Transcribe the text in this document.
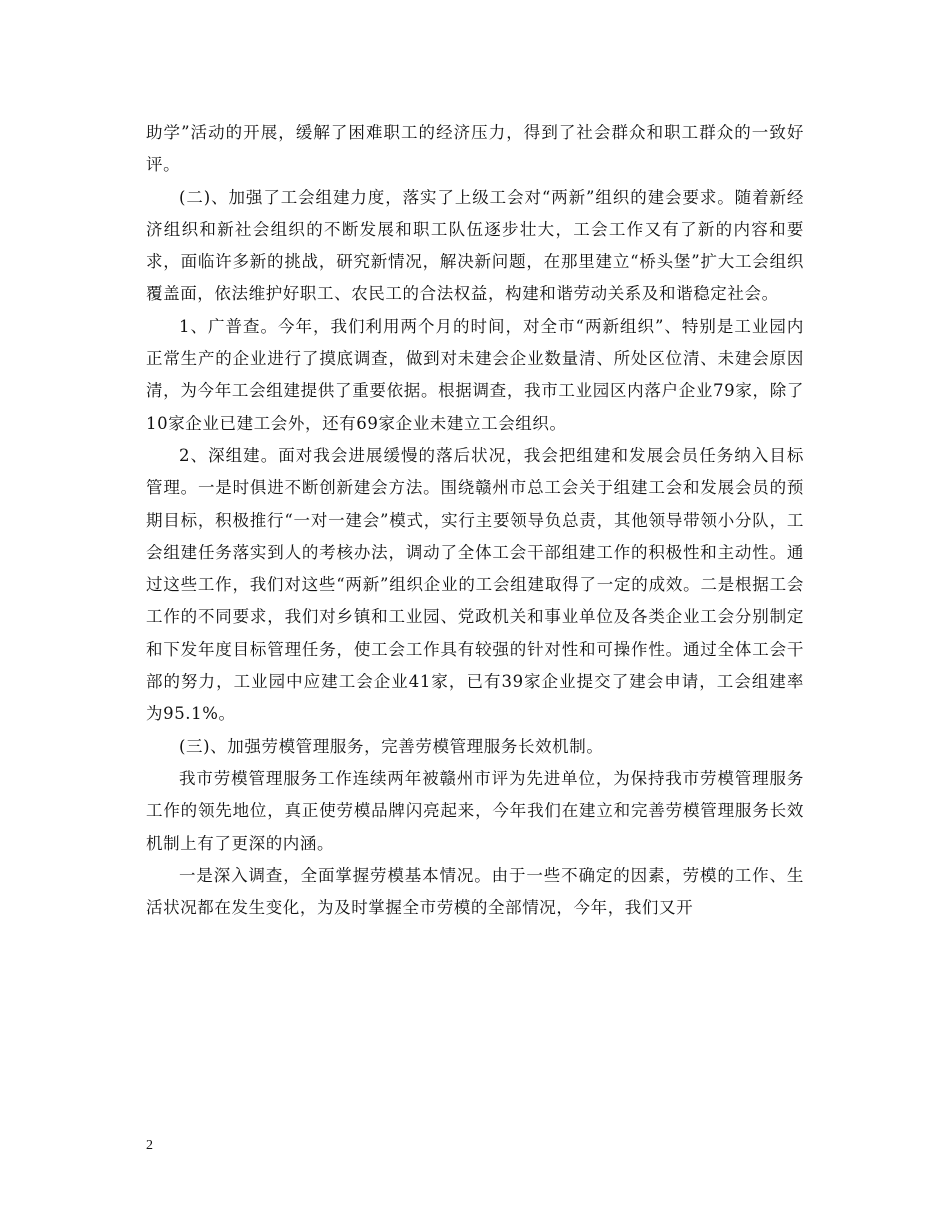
助学”活动的开展，缓解了困难职工的经济压力，得到了社会群众和职工群众的一致好评。

(二)、加强了工会组建力度，落实了上级工会对“两新”组织的建会要求。随着新经济组织和新社会组织的不断发展和职工队伍逐步壮大，工会工作又有了新的内容和要求，面临许多新的挑战，研究新情况，解决新问题，在那里建立“桥头堡”扩大工会组织覆盖面，依法维护好职工、农民工的合法权益，构建和谐劳动关系及和谐稳定社会。

1、广普查。今年，我们利用两个月的时间，对全市“两新组织”、特别是工业园内正常生产的企业进行了摸底调查，做到对未建会企业数量清、所处区位清、未建会原因清，为今年工会组建提供了重要依据。根据调查，我市工业园区内落户企业79家，除了10家企业已建工会外，还有69家企业未建立工会组织。

2、深组建。面对我会进展缓慢的落后状况，我会把组建和发展会员任务纳入目标管理。一是时俱进不断创新建会方法。围绕赣州市总工会关于组建工会和发展会员的预期目标，积极推行“一对一建会”模式，实行主要领导负总责，其他领导带领小分队，工会组建任务落实到人的考核办法，调动了全体工会干部组建工作的积极性和主动性。通过这些工作，我们对这些“两新”组织企业的工会组建取得了一定的成效。二是根据工会工作的不同要求，我们对乡镇和工业园、党政机关和事业单位及各类企业工会分别制定和下发年度目标管理任务，使工会工作具有较强的针对性和可操作性。通过全体工会干部的努力，工业园中应建工会企业41家，已有39家企业提交了建会申请，工会组建率为95.1%。

(三)、加强劳模管理服务，完善劳模管理服务长效机制。

我市劳模管理服务工作连续两年被赣州市评为先进单位，为保持我市劳模管理服务工作的领先地位，真正使劳模品牌闪亮起来，今年我们在建立和完善劳模管理服务长效机制上有了更深的内涵。

一是深入调查，全面掌握劳模基本情况。由于一些不确定的因素，劳模的工作、生活状况都在发生变化，为及时掌握全市劳模的全部情况，今年，我们又开

2
